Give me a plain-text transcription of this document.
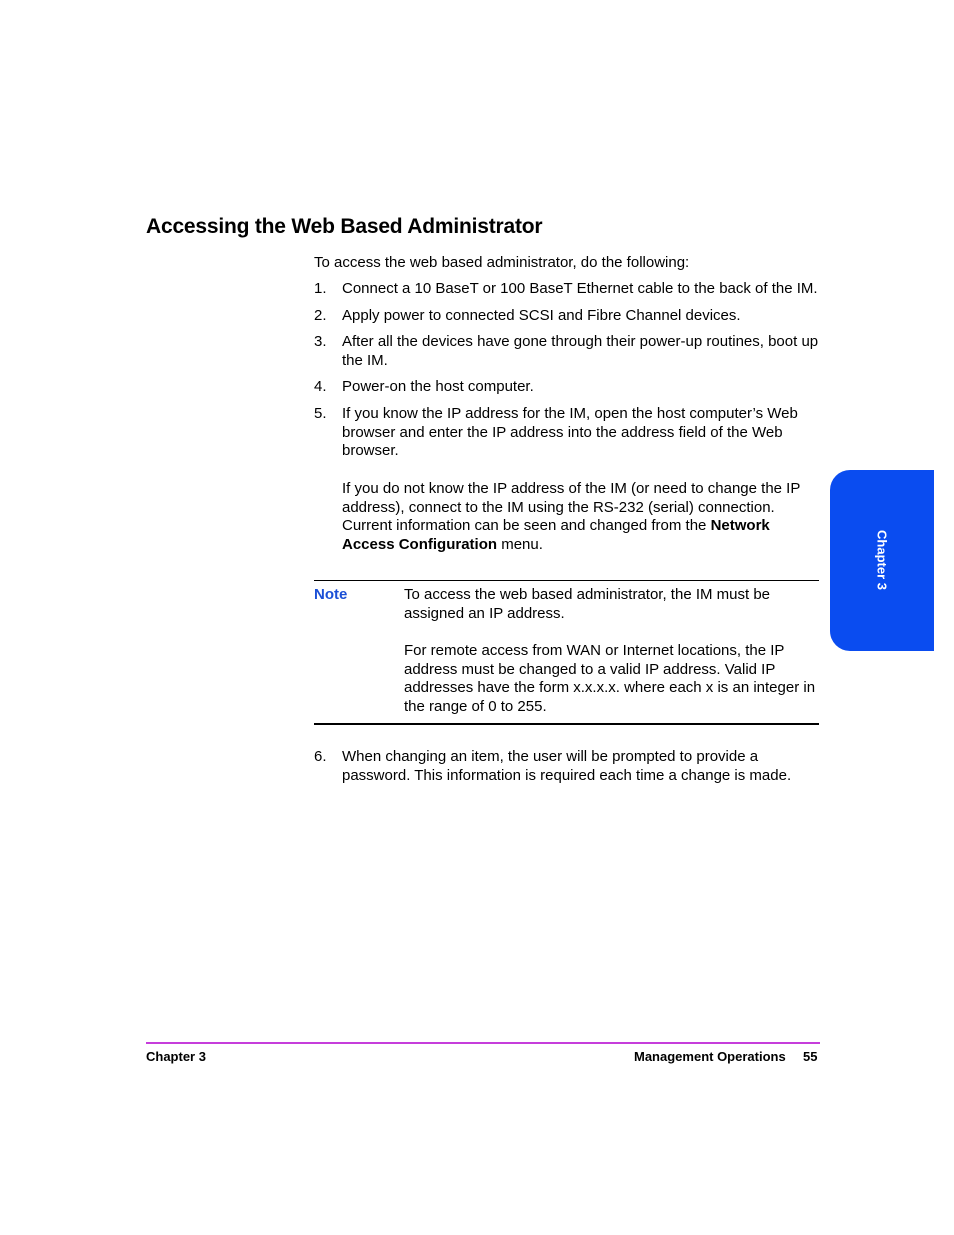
Accessing the Web Based Administrator

To access the web based administrator, do the following:

1. Connect a 10 BaseT or 100 BaseT Ethernet cable to the back of the IM.
2. Apply power to connected SCSI and Fibre Channel devices.
3. After all the devices have gone through their power-up routines, boot up the IM.
4. Power-on the host computer.
5. If you know the IP address for the IM, open the host computer’s Web browser and enter the IP address into the address field of the Web browser.

If you do not know the IP address of the IM (or need to change the IP address), connect to the IM using the RS-232 (serial) connection. Current information can be seen and changed from the Network Access Configuration menu.

Note	To access the web based administrator, the IM must be assigned an IP address.

For remote access from WAN or Internet locations, the IP address must be changed to a valid IP address. Valid IP addresses have the form x.x.x.x. where each x is an integer in the range of 0 to 255.

6. When changing an item, the user will be prompted to provide a password. This information is required each time a change is made.
Chapter 3
Chapter 3	Management Operations 55
